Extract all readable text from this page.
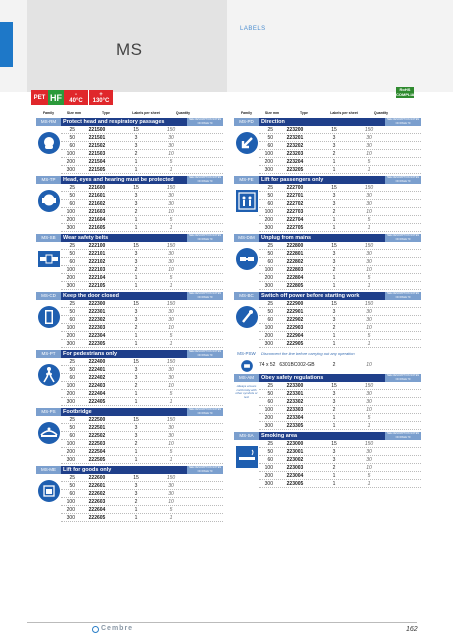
MS
LABELS
RoHS COMPLIANT
PET HF	-
40°C
+
130°C
Family	Size mm	Type	Labels per sheet	Quantity
MS-RM	Protect head and respiratory passages	SEE DESCRIPTION NOTES ON PAGE 79
25	221500	15	150
50	221501	3	30
60	221502	3	30
100	221503	2	10
200	221504	1	5
300	221505	1	1
MS-TP	Head, eyes and hearing must be protected	SEE DESCRIPTION NOTES ON PAGE 79
25	221600	15	150
50	221601	3	30
60	221602	3	30
100	221603	2	10
200	221604	1	5
300	221605	1	1
MS-SB	Wear safety belts	SEE DESCRIPTION NOTES ON PAGE 79
25	222100	15	150
50	222101	3	30
60	222102	3	30
100	222103	2	10
200	222104	1	5
300	222105	1	1
MS-CD	Keep the door closed	SEE DESCRIPTION NOTES ON PAGE 79
25	222300	15	150
50	222301	3	30
60	222302	3	30
100	222303	2	10
200	222304	1	5
300	222305	1	1
MS-PT	For pedestrians only	SEE DESCRIPTION NOTES ON PAGE 79
25	222400	15	150
50	222401	3	30
60	222402	3	30
100	222403	2	10
200	222404	1	5
300	222405	1	1
MS-PS	Footbridge	SEE DESCRIPTION NOTES ON PAGE 79
25	222500	15	150
50	222501	3	30
60	222502	3	30
100	222503	2	10
200	222504	1	5
300	222505	1	1
MS-ME	Lift for goods only	SEE DESCRIPTION NOTES ON PAGE 79
25	222600	15	150
50	222601	3	30
60	222602	3	30
100	222603	2	10
200	222604	1	5
300	222605	1	1
Family	Size mm	Type	Labels per sheet	Quantity
MS-PD	Direction	SEE DESCRIPTION NOTES ON PAGE 79
25	223200	15	150
50	223201	3	30
60	223202	3	30
100	223203	2	10
200	223204	1	5
300	223205	1	1
MS-PE	Lift for passengers only	SEE DESCRIPTION NOTES ON PAGE 79
25	222700	15	150
50	222701	3	30
60	222702	3	30
100	222703	2	10
200	222704	1	5
300	222705	1	1
MS-DIM	Unplug from mains	SEE DESCRIPTION NOTES ON PAGE 79
25	222800	15	150
50	222801	3	30
60	222802	3	30
100	222803	2	10
200	222804	1	5
300	222805	1	1
MS-BC	Switch off power before starting work	SEE DESCRIPTION NOTES ON PAGE 79
25	222900	15	150
50	222901	3	30
60	222902	3	30
100	222903	2	10
200	222904	1	5
300	222905	1	1
MS-PSW	Disconnect the line before carrying out any operation
74 x 52 6301BC002-GB	2	10
MS-AM	Obey safety regulations	SEE DESCRIPTION NOTES ON PAGE 79
Always ensure conformity with other symbols or text
25	223300	15	150
50	223301	3	30
60	223302	3	30
100	223303	2	10
200	223304	1	5
300	223305	1	1
MS-SA	Smoking area	SEE DESCRIPTION NOTES ON PAGE 79
25	223000	15	150
50	223001	3	30
60	223002	3	30
100	223003	2	10
200	223004	1	5
300	223005	1	1
Cembre	162
